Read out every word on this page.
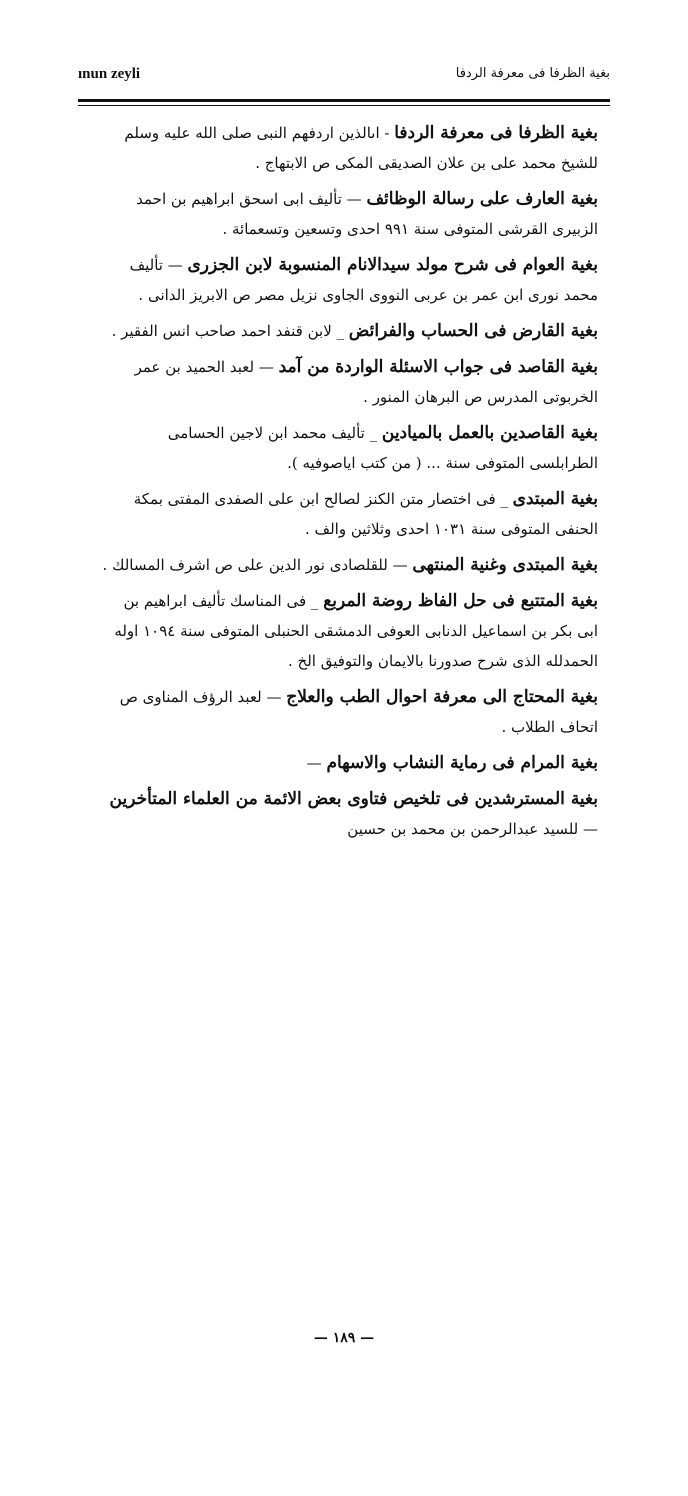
ınun zeyli	بغية الظرفا فى معرفة الردفا

بغية الظرفا فى معرفة الردفا - اىالذين اردفهم النبى صلى الله عليه وسلم للشيخ محمد على بن علان الصديقى المكى ص الابتهاج .

بغية العارف على رسالة الوظائف — تأليف ابى اسحق ابراهيم بن احمد الزبيرى القرشى المتوفى سنة ٩٩١ احدى وتسعين وتسعمائة .

بغية العوام فى شرح مولد سيدالانام المنسوبة لابن الجزرى — تأليف محمد نورى ابن عمر بن عربى النووى الجاوى نزيل مصر ص الابريز الدانى .

بغية القارض فى الحساب والفرائض _ لابن قنفد احمد صاحب انس الفقير .

بغية القاصد فى جواب الاسئلة الواردة من آمد — لعبد الحميد بن عمر الخربوتى المدرس ص البرهان المنور .

بغية القاصدين بالعمل بالميادين _ تأليف محمد ابن لاجين الحسامى الطرابلسى المتوفى سنة ... ( من كتب اياصوفيه ).

بغية المبتدى _ فى اختصار متن الكنز لصالح ابن على الصفدى المفتى بمكة الحنفى المتوفى سنة ١٠٣١ احدى وثلاثين والف .

بغية المبتدى وغنية المنتهى — للقلصادى نور الدين على ص اشرف المسالك .

بغية المتتبع فى حل الفاظ روضة المربع _ فى المناسك تأليف ابراهيم بن ابى بكر بن اسماعيل الدنابى العوفى الدمشقى الحنبلى المتوفى سنة ١٠٩٤ اوله الحمدلله الذى شرح صدورنا بالايمان والتوفيق الخ .

بغية المحتاج الى معرفة احوال الطب والعلاج — لعبد الرؤف المناوى ص اتحاف الطلاب .

بغية المرام فى رماية النشاب والاسهام —

بغية المسترشدين فى تلخيص فتاوى بعض الائمة من العلماء المتأخرين — للسيد عبدالرحمن بن محمد بن حسين

— ١٨٩ —
